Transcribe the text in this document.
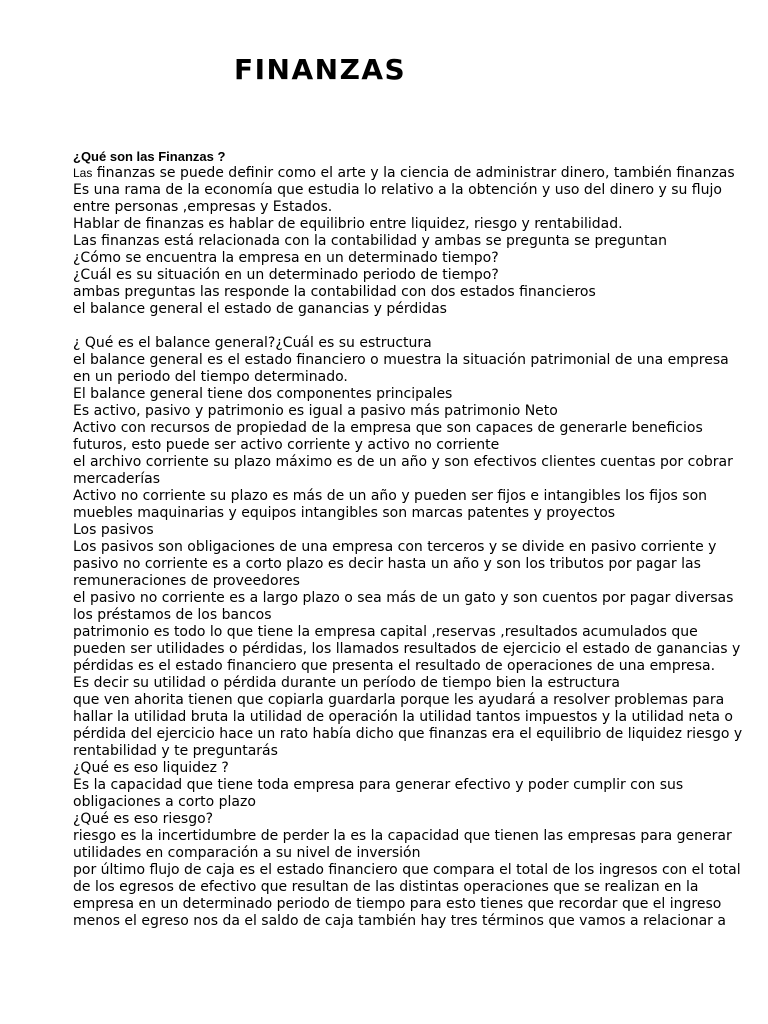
FINANZAS
¿Qué son las Finanzas ?
Las finanzas se puede definir como el arte y la ciencia de administrar dinero, también finanzas
Es una rama de la economía que estudia lo relativo a la obtención y uso del dinero y su flujo
entre personas ,empresas y Estados.
Hablar de finanzas es hablar de equilibrio entre liquidez, riesgo y rentabilidad.
Las finanzas está relacionada con la contabilidad y ambas se pregunta se preguntan
¿Cómo se encuentra la empresa en un determinado tiempo?
¿Cuál es su situación en un determinado periodo de tiempo?
ambas preguntas las responde la contabilidad con dos estados financieros
el balance general el estado de ganancias y pérdidas
¿ Qué es el balance general?¿Cuál es su estructura
el balance general es el estado financiero o muestra la situación patrimonial de una empresa
en un periodo del tiempo determinado.
El balance general tiene dos componentes principales
Es activo, pasivo y patrimonio es igual a pasivo más patrimonio Neto
Activo con recursos de propiedad de la empresa que son capaces de generarle beneficios
futuros, esto puede ser activo corriente y activo no corriente
el archivo corriente su plazo máximo es de un año y son efectivos clientes cuentas por cobrar
mercaderías
Activo no corriente su plazo es más de un año y pueden ser fijos e intangibles los fijos son
muebles maquinarias y equipos intangibles son marcas patentes y proyectos
Los pasivos
Los pasivos son obligaciones de una empresa con terceros y se divide en pasivo corriente y
pasivo no corriente es a corto plazo es decir hasta un año y son los tributos por pagar las
remuneraciones de proveedores
el pasivo no corriente es a largo plazo o sea más de un gato y son cuentos por pagar diversas
los préstamos de los bancos
patrimonio es todo lo que tiene la empresa capital ,reservas ,resultados acumulados que
pueden ser utilidades o pérdidas, los llamados resultados de ejercicio el estado de ganancias y
pérdidas es el estado financiero que presenta el resultado de operaciones de una empresa.
Es decir su utilidad o pérdida durante un período de tiempo bien la estructura
que ven ahorita tienen que copiarla guardarla porque les ayudará a resolver problemas para
hallar la utilidad bruta la utilidad de operación la utilidad tantos impuestos y la utilidad neta o
pérdida del ejercicio hace un rato había dicho que finanzas era el equilibrio de liquidez riesgo y
rentabilidad y te preguntarás
¿Qué es eso liquidez ?
Es la capacidad que tiene toda empresa para generar efectivo y poder cumplir con sus
obligaciones a corto plazo
¿Qué es eso riesgo?
riesgo es la incertidumbre de perder la es la capacidad que tienen las empresas para generar
utilidades en comparación a su nivel de inversión
por último flujo de caja es el estado financiero que compara el total de los ingresos con el total
de los egresos de efectivo que resultan de las distintas operaciones que se realizan en la
empresa en un determinado periodo de tiempo para esto tienes que recordar que el ingreso
menos el egreso nos da el saldo de caja también hay tres términos que vamos a relacionar a
